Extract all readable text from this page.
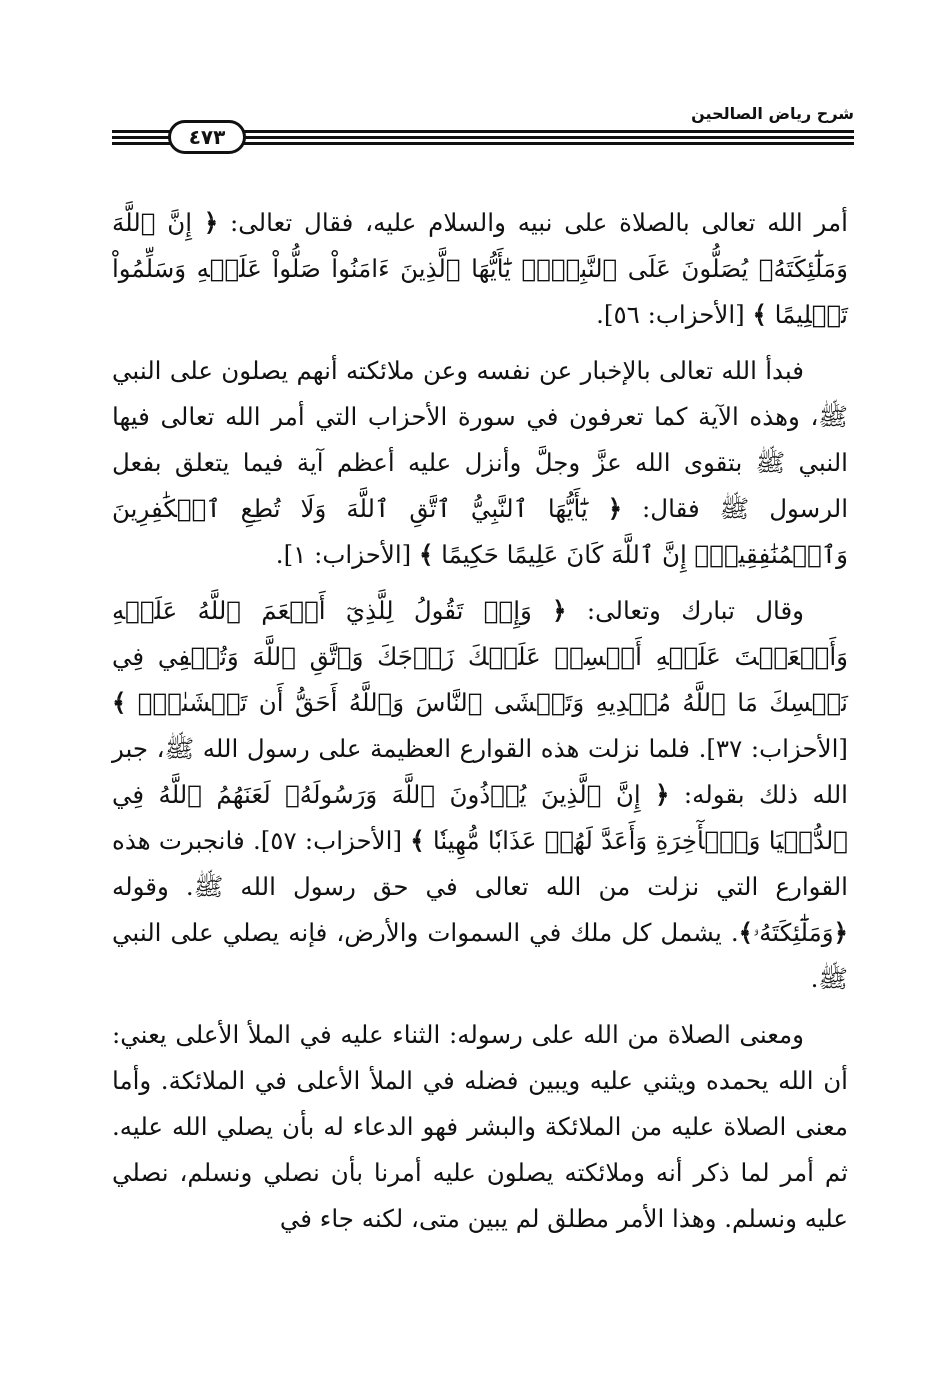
شرح رياض الصالحين
٤٧٣

أمر الله تعالى بالصلاة على نبيه والسلام عليه، فقال تعالى: ﴿ إِنَّ ٱللَّهَ وَمَلَٰٓئِكَتَهُۥ يُصَلُّونَ عَلَى ٱلنَّبِيِّۚ يَٰٓأَيُّهَا ٱلَّذِينَ ءَامَنُواْ صَلُّواْ عَلَيۡهِ وَسَلِّمُواْ تَسۡلِيمًا ﴾ [الأحزاب: ٥٦].

فبدأ الله تعالى بالإخبار عن نفسه وعن ملائكته أنهم يصلون على النبي ﷺ، وهذه الآية كما تعرفون في سورة الأحزاب التي أمر الله تعالى فيها النبي ﷺ بتقوى الله عزَّ وجلَّ وأنزل عليه أعظم آية فيما يتعلق بفعل الرسول ﷺ فقال: ﴿ يَٰٓأَيُّهَا ٱلنَّبِيُّ ٱتَّقِ ٱللَّهَ وَلَا تُطِعِ ٱلۡكَٰفِرِينَ وَٱلۡمُنَٰفِقِينَۚ إِنَّ ٱللَّهَ كَانَ عَلِيمًا حَكِيمًا ﴾ [الأحزاب: ١].

وقال تبارك وتعالى: ﴿ وَإِذۡ تَقُولُ لِلَّذِيٓ أَنۡعَمَ ٱللَّهُ عَلَيۡهِ وَأَنۡعَمۡتَ عَلَيۡهِ أَمۡسِكۡ عَلَيۡكَ زَوۡجَكَ وَٱتَّقِ ٱللَّهَ وَتُخۡفِي فِي نَفۡسِكَ مَا ٱللَّهُ مُبۡدِيهِ وَتَخۡشَى ٱلنَّاسَ وَٱللَّهُ أَحَقُّ أَن تَخۡشَىٰهُۖ ﴾ [الأحزاب: ٣٧]. فلما نزلت هذه القوارع العظيمة على رسول الله ﷺ، جبر الله ذلك بقوله: ﴿ إِنَّ ٱلَّذِينَ يُؤۡذُونَ ٱللَّهَ وَرَسُولَهُۥ لَعَنَهُمُ ٱللَّهُ فِي ٱلدُّنۡيَا وَٱلۡأٓخِرَةِ وَأَعَدَّ لَهُمۡ عَذَابٗا مُّهِينٗا ﴾ [الأحزاب: ٥٧]. فانجبرت هذه القوارع التي نزلت من الله تعالى في حق رسول الله ﷺ. وقوله ﴿وَمَلَٰٓئِكَتَهُۥ﴾. يشمل كل ملك في السموات والأرض، فإنه يصلي على النبي ﷺ.

ومعنى الصلاة من الله على رسوله: الثناء عليه في الملأ الأعلى يعني: أن الله يحمده ويثني عليه ويبين فضله في الملأ الأعلى في الملائكة. وأما معنى الصلاة عليه من الملائكة والبشر فهو الدعاء له بأن يصلي الله عليه. ثم أمر لما ذكر أنه وملائكته يصلون عليه أمرنا بأن نصلي ونسلم، نصلي عليه ونسلم. وهذا الأمر مطلق لم يبين متى، لكنه جاء في
